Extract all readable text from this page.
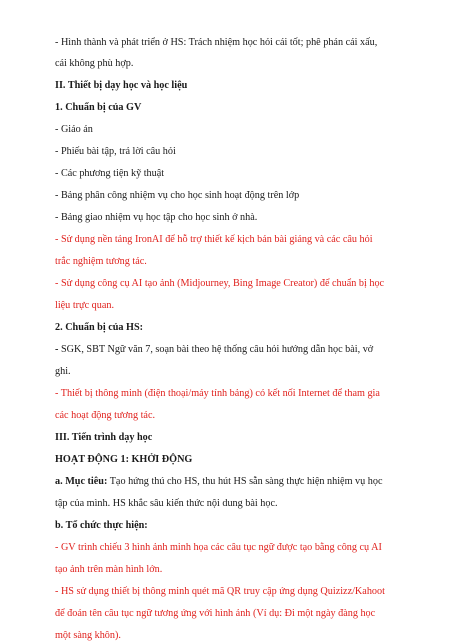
- Hình thành và phát triển ở HS: Trách nhiệm học hỏi cái tốt; phê phán cái xấu,
cái không phù hợp.
II. Thiết bị dạy học và học liệu
1. Chuẩn bị của GV
- Giáo án
- Phiếu bài tập, trả lời câu hỏi
- Các phương tiện kỹ thuật
- Bảng phân công nhiệm vụ cho học sinh hoạt động trên lớp
- Bảng giao nhiệm vụ học tập cho học sinh ở nhà.
- Sử dụng nền tảng IronAI để hỗ trợ thiết kế kịch bản bài giảng và các câu hỏi
trắc nghiệm tương tác.
- Sử dụng công cụ AI tạo ảnh (Midjourney, Bing Image Creator) để chuẩn bị học
liệu trực quan.
2. Chuẩn bị của HS:
- SGK, SBT Ngữ văn 7, soạn bài theo hệ thống câu hỏi hướng dẫn học bài, vở
ghi.
- Thiết bị thông minh (điện thoại/máy tính bảng) có kết nối Internet để tham gia
các hoạt động tương tác.
III. Tiến trình dạy học
HOẠT ĐỘNG 1: KHỞI ĐỘNG
a. Mục tiêu: Tạo hứng thú cho HS, thu hút HS sẵn sàng thực hiện nhiệm vụ học
tập của mình. HS khắc sâu kiến thức nội dung bài học.
b. Tổ chức thực hiện:
- GV trình chiếu 3 hình ảnh minh họa các câu tục ngữ được tạo bằng công cụ AI
tạo ảnh trên màn hình lớn.
- HS sử dụng thiết bị thông minh quét mã QR truy cập ứng dụng Quizizz/Kahoot
để đoán tên câu tục ngữ tương ứng với hình ảnh (Ví dụ: Đi một ngày đàng học
một sàng khôn).
